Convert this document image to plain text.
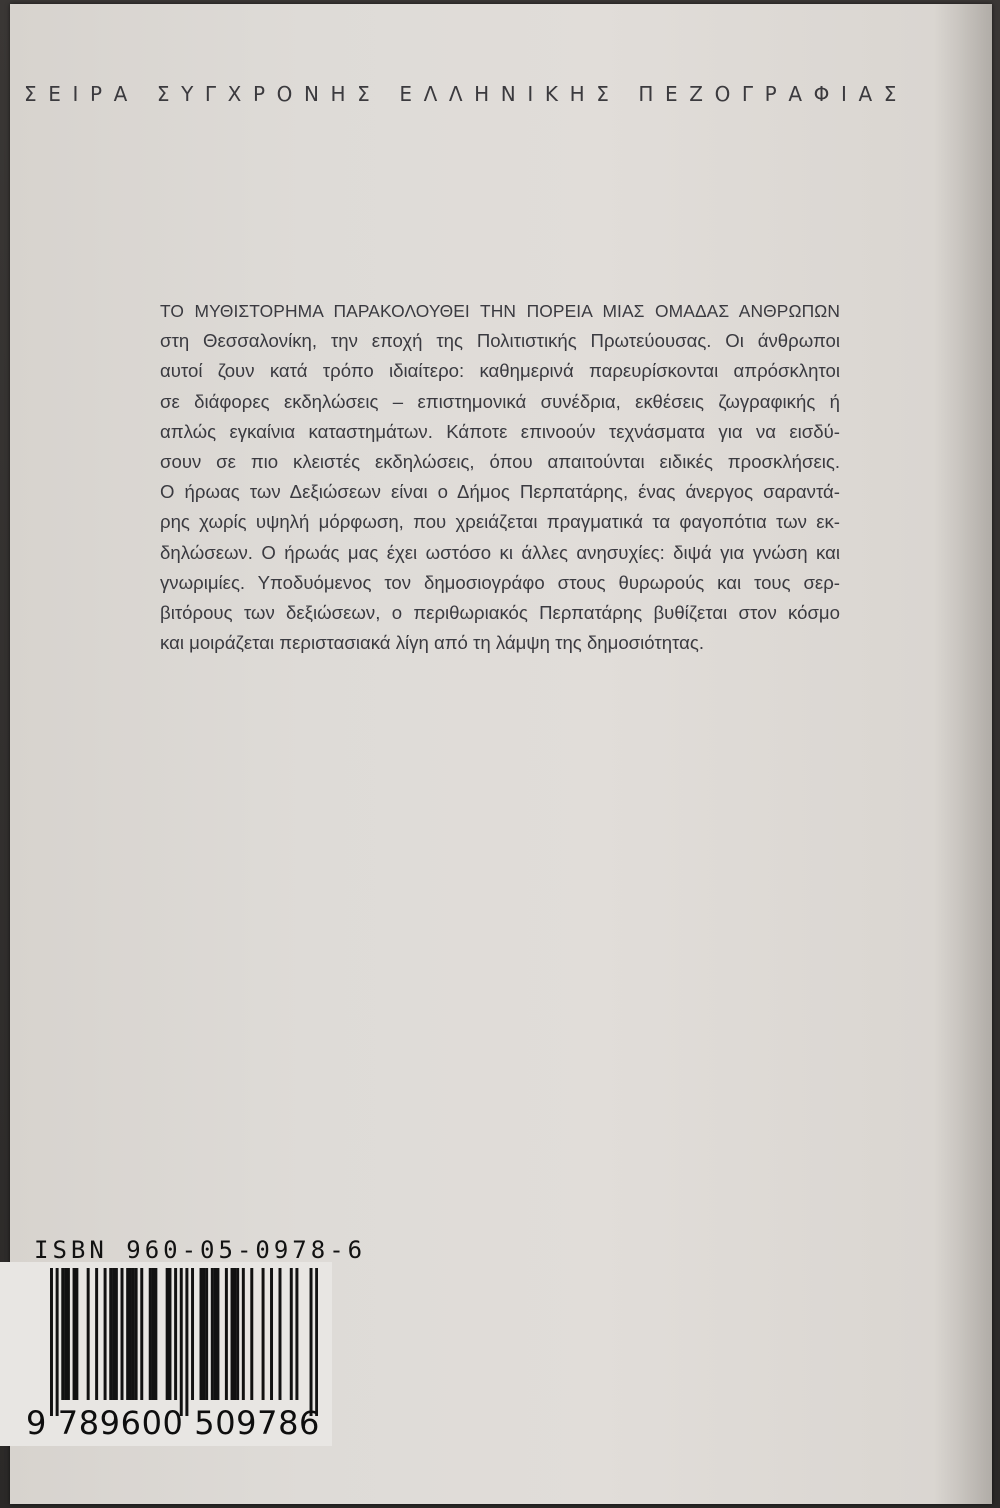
ΣΕΙΡΑ ΣΥΓΧΡΟΝΗΣ ΕΛΛΗΝΙΚΗΣ ΠΕΖΟΓΡΑΦΙΑΣ
ΤΟ ΜΥΘΙΣΤΟΡΗΜΑ ΠΑΡΑΚΟΛΟΥΘΕΙ ΤΗΝ ΠΟΡΕΙΑ ΜΙΑΣ ΟΜΑΔΑΣ ΑΝΘΡΩΠΩΝ
στη Θεσσαλονίκη, την εποχή της Πολιτιστικής Πρωτεύουσας. Οι άνθρωποι
αυτοί ζουν κατά τρόπο ιδιαίτερο: καθημερινά παρευρίσκονται απρόσκλητοι
σε διάφορες εκδηλώσεις – επιστημονικά συνέδρια, εκθέσεις ζωγραφικής ή
απλώς εγκαίνια καταστημάτων. Κάποτε επινοούν τεχνάσματα για να εισδύ-
σουν σε πιο κλειστές εκδηλώσεις, όπου απαιτούνται ειδικές προσκλήσεις.
Ο ήρωας των Δεξιώσεων είναι ο Δήμος Περπατάρης, ένας άνεργος σαραντά-
ρης χωρίς υψηλή μόρφωση, που χρειάζεται πραγματικά τα φαγοπότια των εκ-
δηλώσεων. Ο ήρωάς μας έχει ωστόσο κι άλλες ανησυχίες: διψά για γνώση και
γνωριμίες. Υποδυόμενος τον δημοσιογράφο στους θυρωρούς και τους σερ-
βιτόρους των δεξιώσεων, ο περιθωριακός Περπατάρης βυθίζεται στον κόσμο
και μοιράζεται περιστασιακά λίγη από τη λάμψη της δημοσιότητας.
ISBN 960-05-0978-6
9 789600 509786
